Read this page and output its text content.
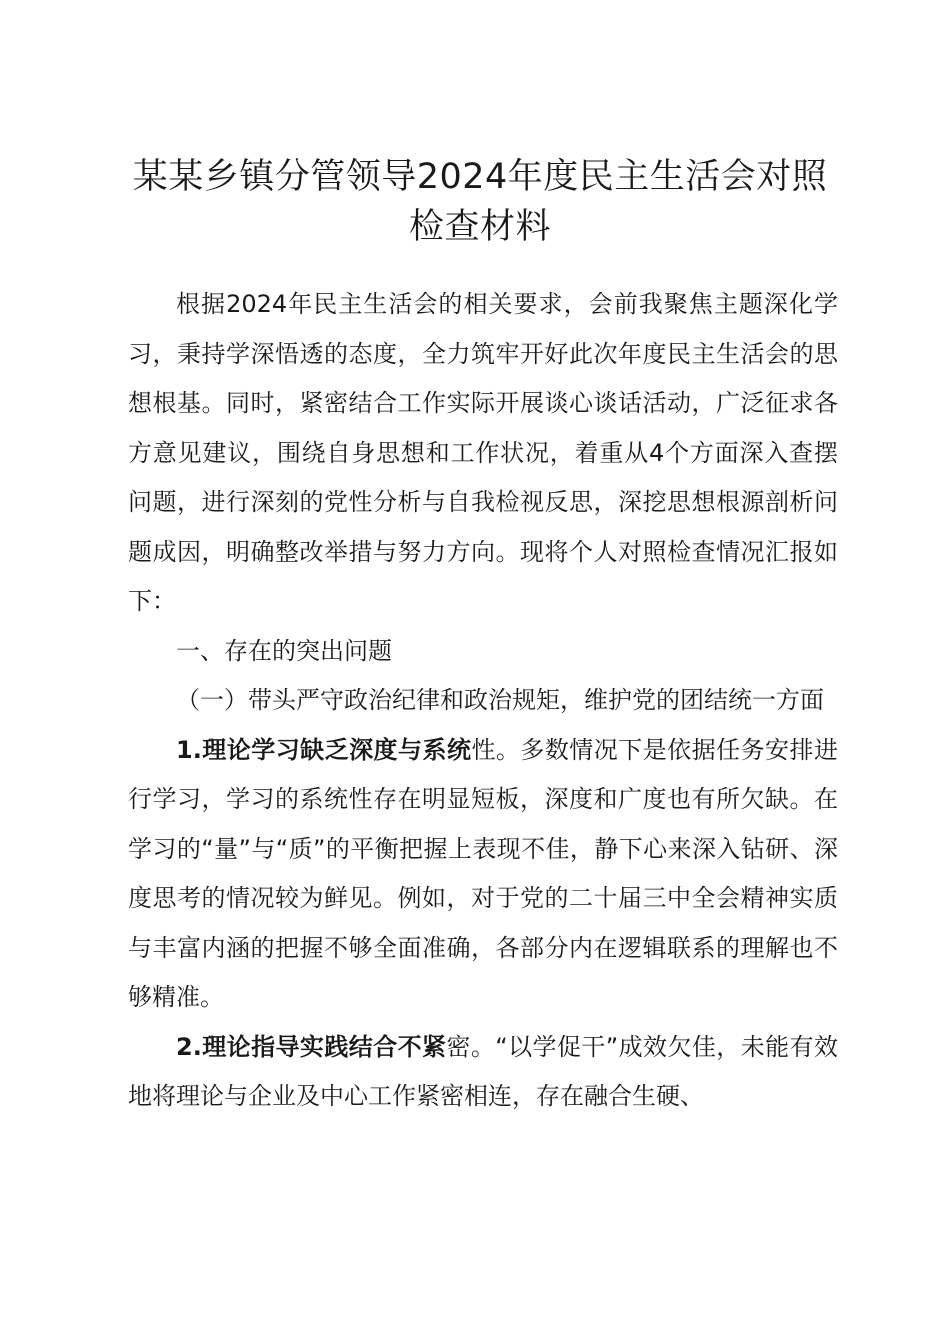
某某乡镇分管领导2024年度民主生活会对照
检查材料

根据2024年民主生活会的相关要求，会前我聚焦主题深化学习，秉持学深悟透的态度，全力筑牢开好此次年度民主生活会的思想根基。同时，紧密结合工作实际开展谈心谈话活动，广泛征求各方意见建议，围绕自身思想和工作状况，着重从4个方面深入查摆问题，进行深刻的党性分析与自我检视反思，深挖思想根源剖析问题成因，明确整改举措与努力方向。现将个人对照检查情况汇报如下：

一、存在的突出问题

（一）带头严守政治纪律和政治规矩，维护党的团结统一方面

1.理论学习缺乏深度与系统性。多数情况下是依据任务安排进行学习，学习的系统性存在明显短板，深度和广度也有所欠缺。在学习的“量”与“质”的平衡把握上表现不佳，静下心来深入钻研、深度思考的情况较为鲜见。例如，对于党的二十届三中全会精神实质与丰富内涵的把握不够全面准确，各部分内在逻辑联系的理解也不够精准。

2.理论指导实践结合不紧密。“以学促干”成效欠佳，未能有效地将理论与企业及中心工作紧密相连，存在融合生硬、
